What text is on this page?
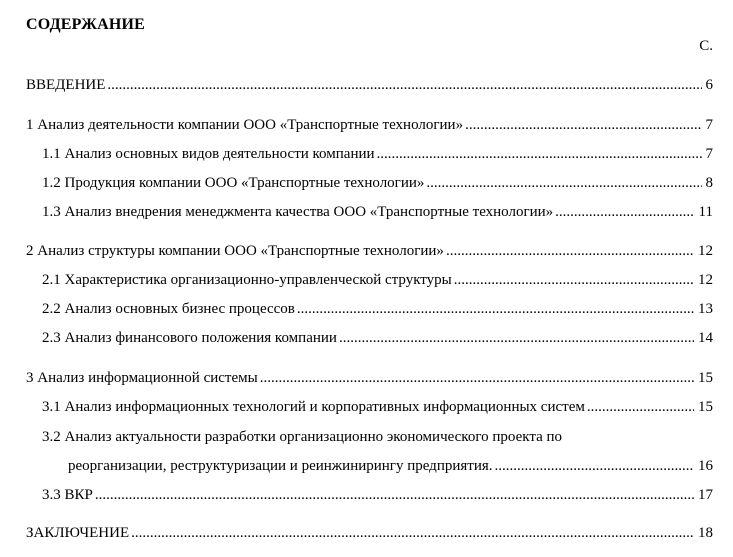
СОДЕРЖАНИЕ
С.
ВВЕДЕНИЕ .....	6
1 Анализ деятельности компании ООО «Транспортные технологии» .....	7
1.1 Анализ основных видов деятельности компании .....	7
1.2 Продукция компании ООО «Транспортные технологии» .....	8
1.3 Анализ внедрения менеджмента качества ООО «Транспортные технологии» .....	11
2 Анализ структуры компании ООО «Транспортные технологии» .....	12
2.1 Характеристика организационно-управленческой структуры .....	12
2.2 Анализ основных бизнес процессов .....	13
2.3 Анализ финансового положения компании .....	14
3 Анализ информационной системы .....	15
3.1 Анализ информационных технологий и корпоративных информационных систем .....	15
3.2 Анализ актуальности разработки организационно экономического проекта по
реорганизации, реструктуризации и реинжинирингу предприятия. .....	16
3.3 ВКР .....	17
ЗАКЛЮЧЕНИЕ .....	18
